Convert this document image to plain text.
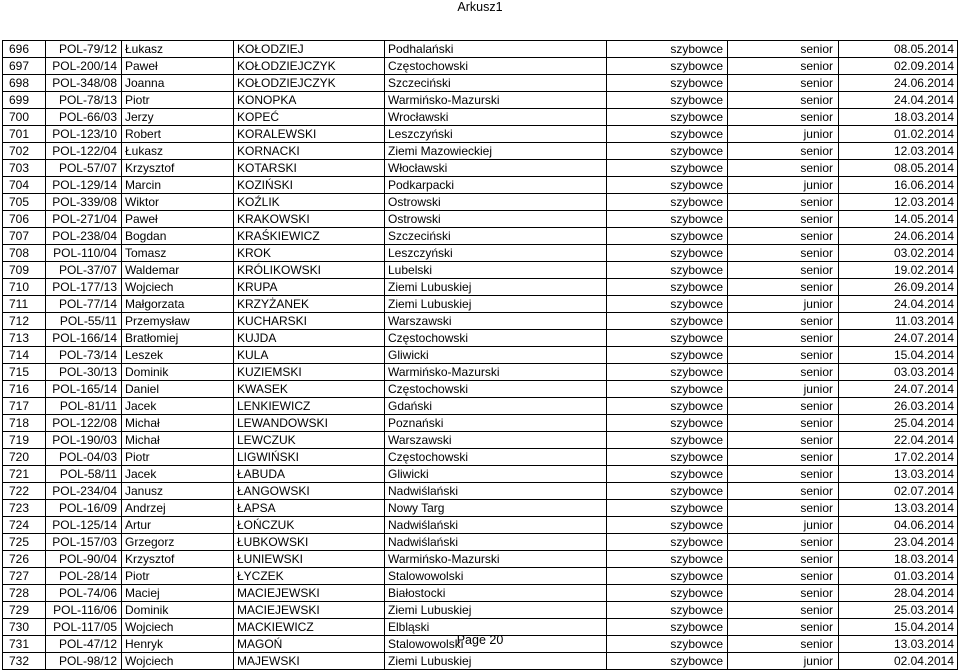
Arkusz1
696	POL-79/12	Łukasz	KOŁODZIEJ	Podhalański	szybowce	senior	08.05.2014
697	POL-200/14	Paweł	KOŁODZIEJCZYK	Częstochowski	szybowce	senior	02.09.2014
698	POL-348/08	Joanna	KOŁODZIEJCZYK	Szczeciński	szybowce	senior	24.06.2014
699	POL-78/13	Piotr	KONOPKA	Warmińsko-Mazurski	szybowce	senior	24.04.2014
700	POL-66/03	Jerzy	KOPEĆ	Wrocławski	szybowce	senior	18.03.2014
701	POL-123/10	Robert	KORALEWSKI	Leszczyński	szybowce	junior	01.02.2014
702	POL-122/04	Łukasz	KORNACKI	Ziemi Mazowieckiej	szybowce	senior	12.03.2014
703	POL-57/07	Krzysztof	KOTARSKI	Włocławski	szybowce	senior	08.05.2014
704	POL-129/14	Marcin	KOZIŃSKI	Podkarpacki	szybowce	junior	16.06.2014
705	POL-339/08	Wiktor	KOŹLIK	Ostrowski	szybowce	senior	12.03.2014
706	POL-271/04	Paweł	KRAKOWSKI	Ostrowski	szybowce	senior	14.05.2014
707	POL-238/04	Bogdan	KRAŚKIEWICZ	Szczeciński	szybowce	senior	24.06.2014
708	POL-110/04	Tomasz	KROK	Leszczyński	szybowce	senior	03.02.2014
709	POL-37/07	Waldemar	KRÓLIKOWSKI	Lubelski	szybowce	senior	19.02.2014
710	POL-177/13	Wojciech	KRUPA	Ziemi Lubuskiej	szybowce	senior	26.09.2014
711	POL-77/14	Małgorzata	KRZYŻANEK	Ziemi Lubuskiej	szybowce	junior	24.04.2014
712	POL-55/11	Przemysław	KUCHARSKI	Warszawski	szybowce	senior	11.03.2014
713	POL-166/14	Bratłomiej	KUJDA	Częstochowski	szybowce	senior	24.07.2014
714	POL-73/14	Leszek	KULA	Gliwicki	szybowce	senior	15.04.2014
715	POL-30/13	Dominik	KUZIEMSKI	Warmińsko-Mazurski	szybowce	senior	03.03.2014
716	POL-165/14	Daniel	KWASEK	Częstochowski	szybowce	junior	24.07.2014
717	POL-81/11	Jacek	LENKIEWICZ	Gdański	szybowce	senior	26.03.2014
718	POL-122/08	Michał	LEWANDOWSKI	Poznański	szybowce	senior	25.04.2014
719	POL-190/03	Michał	LEWCZUK	Warszawski	szybowce	senior	22.04.2014
720	POL-04/03	Piotr	LIGWIŃSKI	Częstochowski	szybowce	senior	17.02.2014
721	POL-58/11	Jacek	ŁABUDA	Gliwicki	szybowce	senior	13.03.2014
722	POL-234/04	Janusz	ŁANGOWSKI	Nadwiślański	szybowce	senior	02.07.2014
723	POL-16/09	Andrzej	ŁAPSA	Nowy Targ	szybowce	senior	13.03.2014
724	POL-125/14	Artur	ŁOŃCZUK	Nadwiślański	szybowce	junior	04.06.2014
725	POL-157/03	Grzegorz	ŁUBKOWSKI	Nadwiślański	szybowce	senior	23.04.2014
726	POL-90/04	Krzysztof	ŁUNIEWSKI	Warmińsko-Mazurski	szybowce	senior	18.03.2014
727	POL-28/14	Piotr	ŁYCZEK	Stalowowolski	szybowce	senior	01.03.2014
728	POL-74/06	Maciej	MACIEJEWSKI	Białostocki	szybowce	senior	28.04.2014
729	POL-116/06	Dominik	MACIEJEWSKI	Ziemi Lubuskiej	szybowce	senior	25.03.2014
730	POL-117/05	Wojciech	MACKIEWICZ	Elbląski	szybowce	senior	15.04.2014
731	POL-47/12	Henryk	MAGOŃ	Stalowowolski	szybowce	senior	13.03.2014
732	POL-98/12	Wojciech	MAJEWSKI	Ziemi Lubuskiej	szybowce	junior	02.04.2014
Page 20
